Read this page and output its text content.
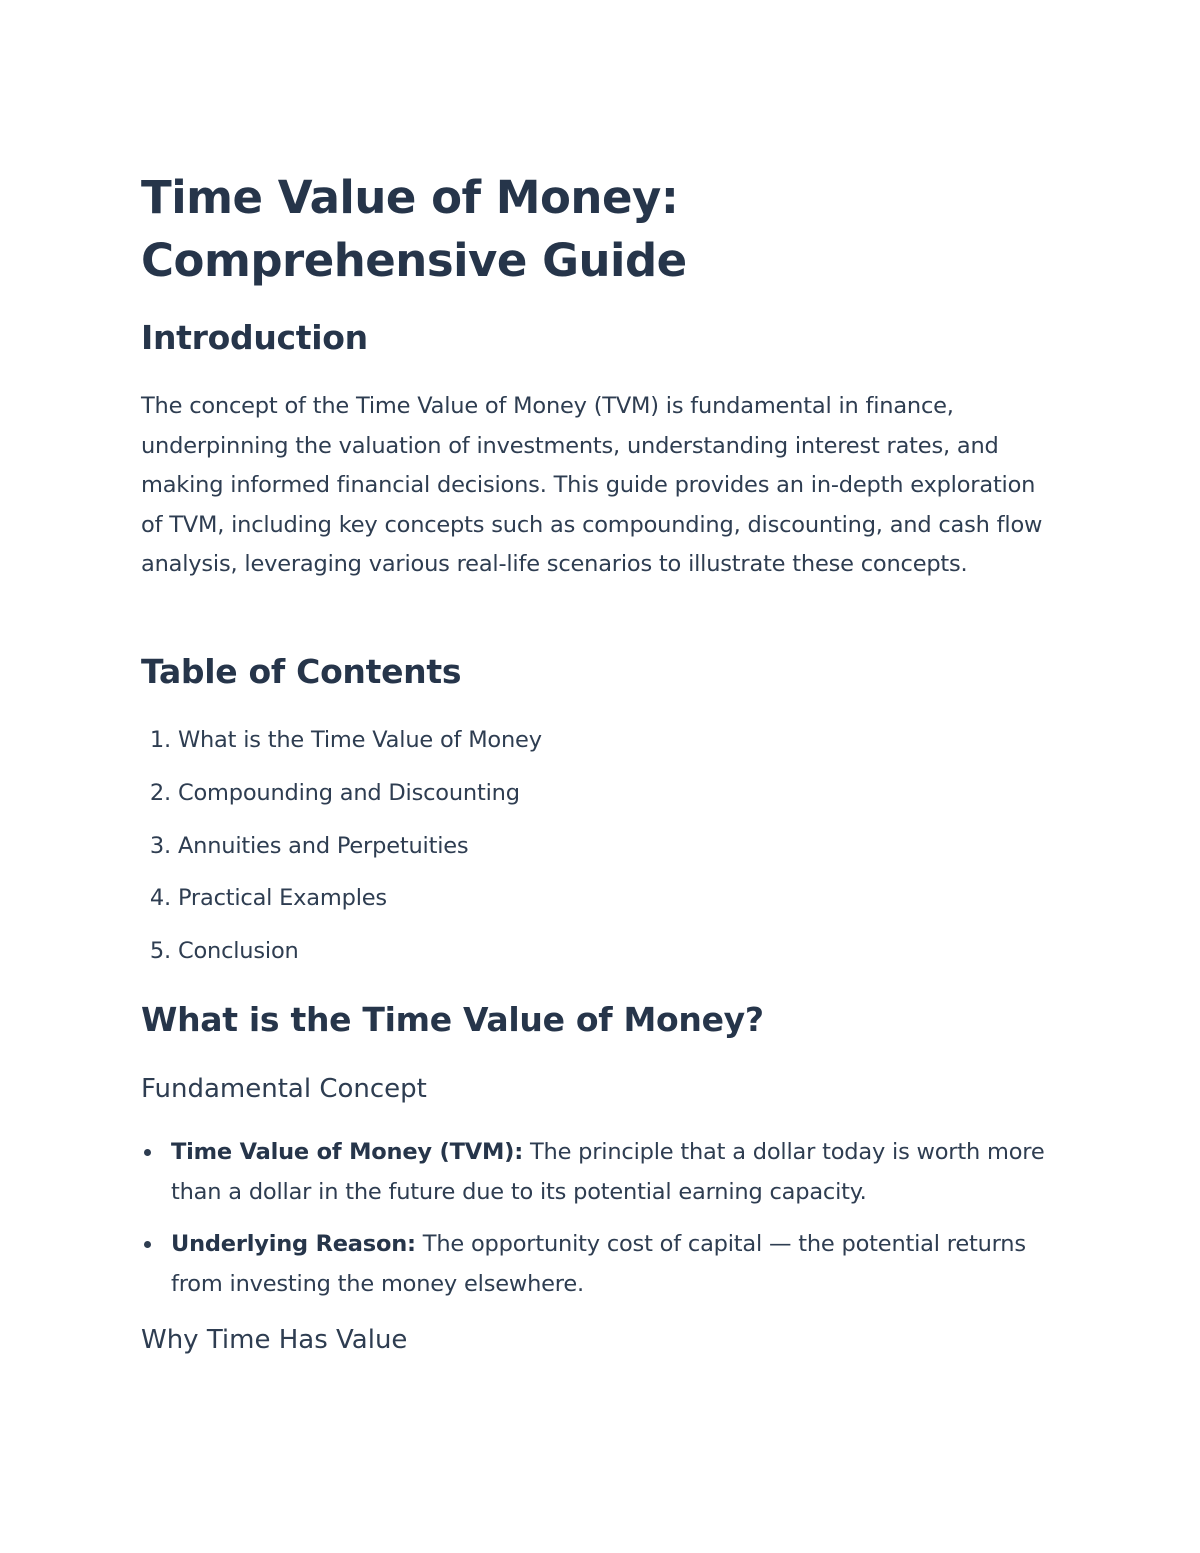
Time Value of Money: Comprehensive Guide
Introduction

The concept of the Time Value of Money (TVM) is fundamental in finance, underpinning the valuation of investments, understanding interest rates, and making informed financial decisions. This guide provides an in-depth exploration of TVM, including key concepts such as compounding, discounting, and cash flow analysis, leveraging various real-life scenarios to illustrate these concepts.

Table of Contents
1. What is the Time Value of Money
2. Compounding and Discounting
3. Annuities and Perpetuities
4. Practical Examples
5. Conclusion
What is the Time Value of Money?
Fundamental Concept
Time Value of Money (TVM): The principle that a dollar today is worth more than a dollar in the future due to its potential earning capacity.
Underlying Reason: The opportunity cost of capital — the potential returns from investing the money elsewhere.
Why Time Has Value
